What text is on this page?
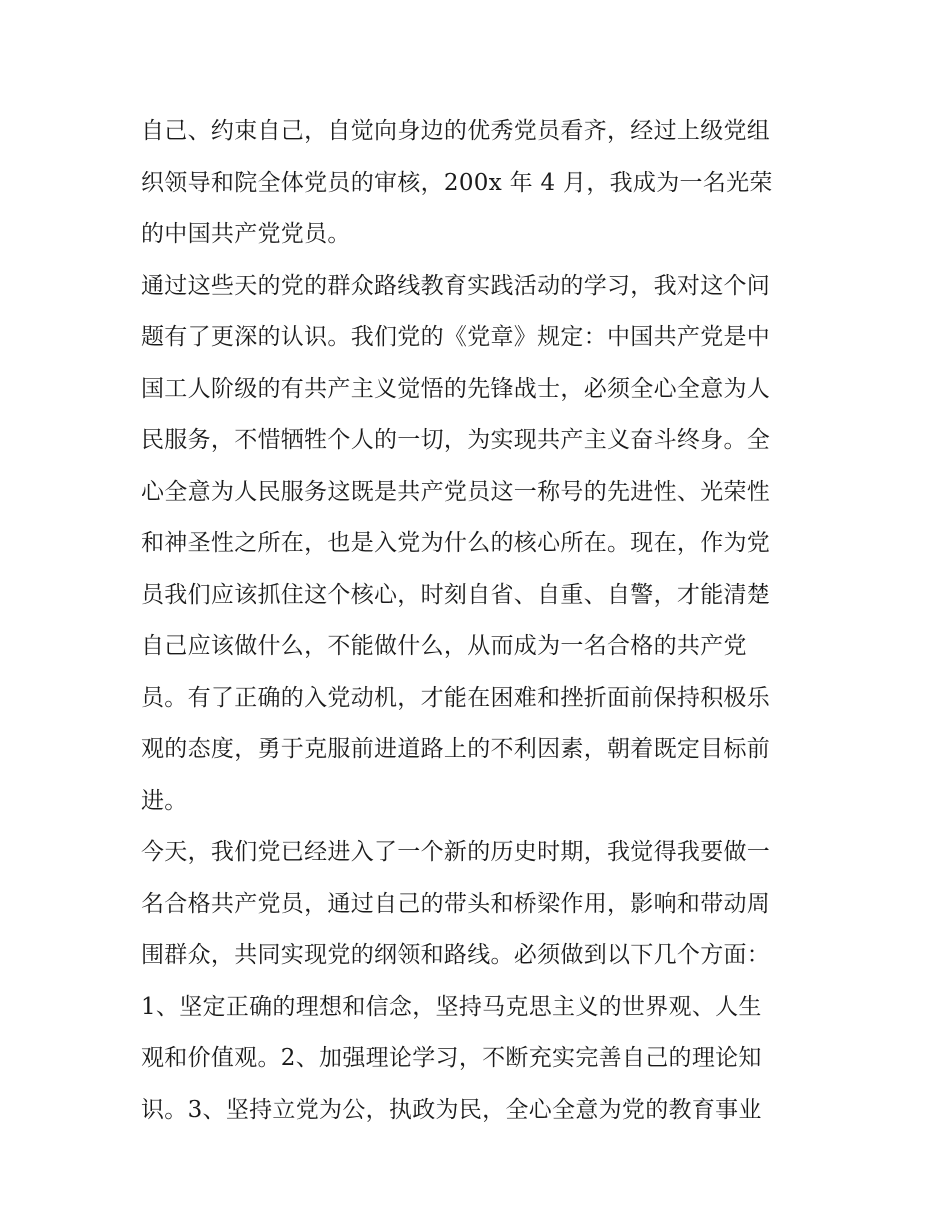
自己、约束自己，自觉向身边的优秀党员看齐，经过上级党组
织领导和院全体党员的审核，200x 年 4 月，我成为一名光荣
的中国共产党党员。
通过这些天的党的群众路线教育实践活动的学习，我对这个问
题有了更深的认识。我们党的《党章》规定：中国共产党是中
国工人阶级的有共产主义觉悟的先锋战士，必须全心全意为人
民服务，不惜牺牲个人的一切，为实现共产主义奋斗终身。全
心全意为人民服务这既是共产党员这一称号的先进性、光荣性
和神圣性之所在，也是入党为什么的核心所在。现在，作为党
员我们应该抓住这个核心，时刻自省、自重、自警，才能清楚
自己应该做什么，不能做什么，从而成为一名合格的共产党
员。有了正确的入党动机，才能在困难和挫折面前保持积极乐
观的态度，勇于克服前进道路上的不利因素，朝着既定目标前
进。
今天，我们党已经进入了一个新的历史时期，我觉得我要做一
名合格共产党员，通过自己的带头和桥梁作用，影响和带动周
围群众，共同实现党的纲领和路线。必须做到以下几个方面：
1、坚定正确的理想和信念，坚持马克思主义的世界观、人生
观和价值观。2、加强理论学习，不断充实完善自己的理论知
识。3、坚持立党为公，执政为民，全心全意为党的教育事业
